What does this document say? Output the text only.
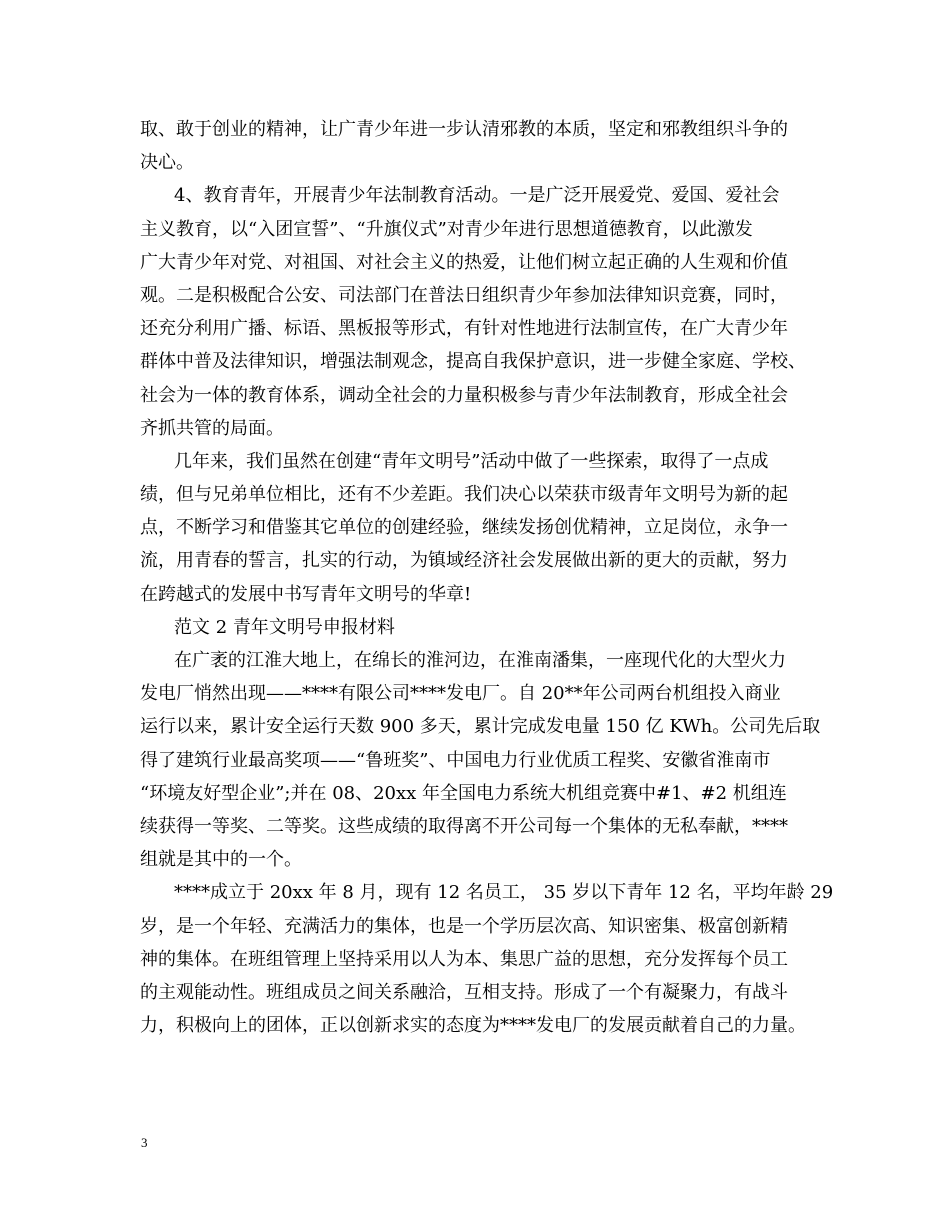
取、敢于创业的精神，让广青少年进一步认清邪教的本质，坚定和邪教组织斗争的
决心。
4、教育青年，开展青少年法制教育活动。一是广泛开展爱党、爱国、爱社会
主义教育，以“入团宣誓”、“升旗仪式”对青少年进行思想道德教育，以此激发
广大青少年对党、对祖国、对社会主义的热爱，让他们树立起正确的人生观和价值
观。二是积极配合公安、司法部门在普法日组织青少年参加法律知识竞赛，同时，
还充分利用广播、标语、黑板报等形式，有针对性地进行法制宣传，在广大青少年
群体中普及法律知识，增强法制观念，提高自我保护意识，进一步健全家庭、学校、
社会为一体的教育体系，调动全社会的力量积极参与青少年法制教育，形成全社会
齐抓共管的局面。
几年来，我们虽然在创建“青年文明号”活动中做了一些探索，取得了一点成
绩，但与兄弟单位相比，还有不少差距。我们决心以荣获市级青年文明号为新的起
点，不断学习和借鉴其它单位的创建经验，继续发扬创优精神，立足岗位，永争一
流，用青春的誓言，扎实的行动，为镇域经济社会发展做出新的更大的贡献，努力
在跨越式的发展中书写青年文明号的华章!
范文 2 青年文明号申报材料
在广袤的江淮大地上，在绵长的淮河边，在淮南潘集，一座现代化的大型火力
发电厂悄然出现——****有限公司****发电厂。自 20**年公司两台机组投入商业
运行以来，累计安全运行天数 900 多天，累计完成发电量 150 亿 KWh。公司先后取
得了建筑行业最高奖项——“鲁班奖”、中国电力行业优质工程奖、安徽省淮南市
“环境友好型企业”;并在 08、20xx 年全国电力系统大机组竞赛中#1、#2 机组连
续获得一等奖、二等奖。这些成绩的取得离不开公司每一个集体的无私奉献，****
组就是其中的一个。
****成立于 20xx 年 8 月，现有 12 名员工， 35 岁以下青年 12 名，平均年龄 29
岁，是一个年轻、充满活力的集体，也是一个学历层次高、知识密集、极富创新精
神的集体。在班组管理上坚持采用以人为本、集思广益的思想，充分发挥每个员工
的主观能动性。班组成员之间关系融洽，互相支持。形成了一个有凝聚力，有战斗
力，积极向上的团体，正以创新求实的态度为****发电厂的发展贡献着自己的力量。
3
